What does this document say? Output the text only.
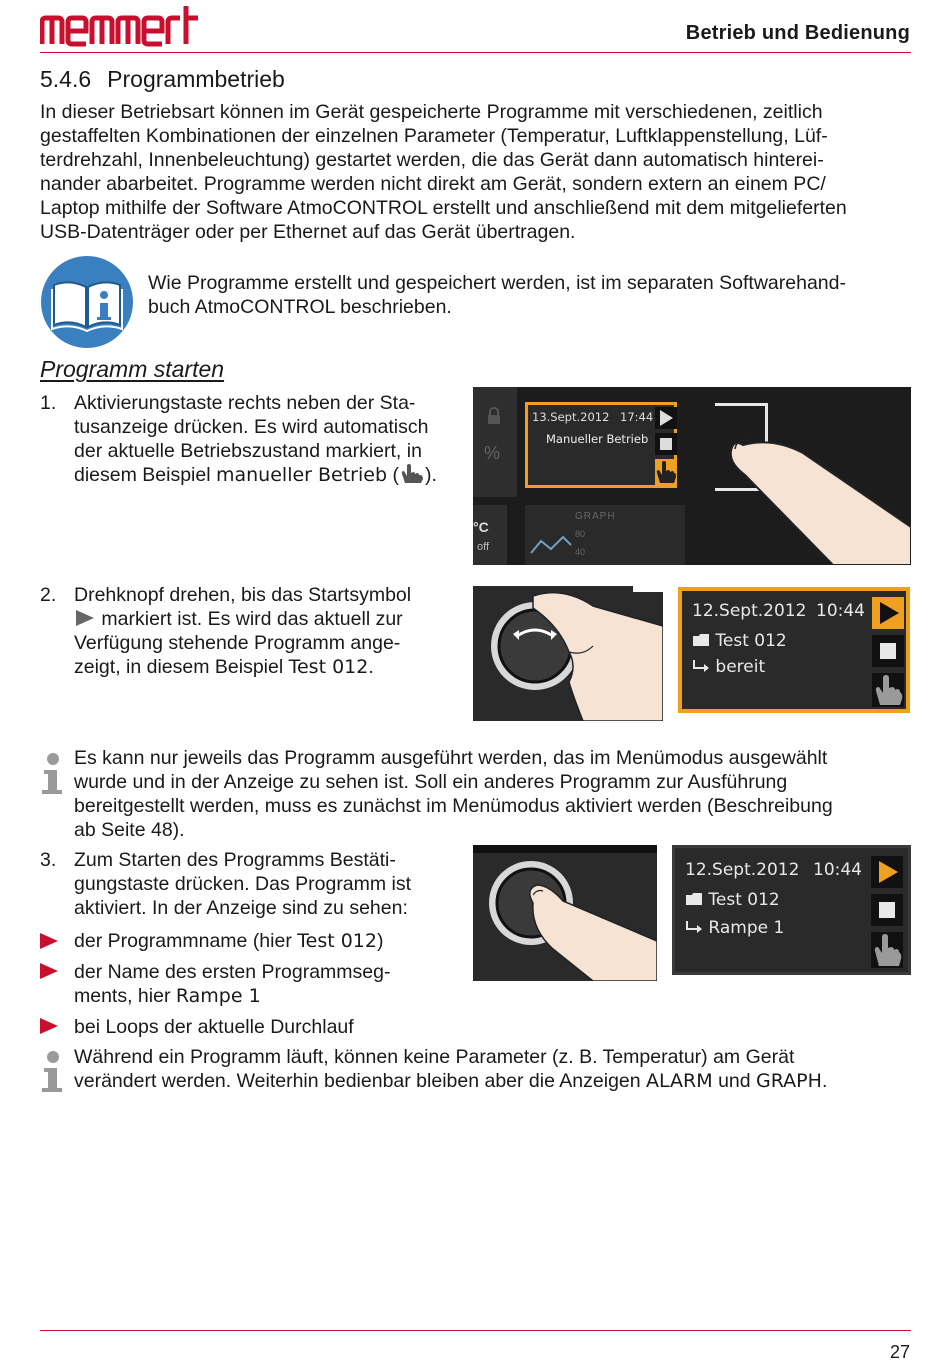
memmert
Betrieb und Bedienung
5.4.6 Programmbetrieb

In dieser Betriebsart können im Gerät gespeicherte Programme mit verschiedenen, zeitlich

gestaffelten Kombinationen der einzelnen Parameter (Temperatur, Luftklappenstellung, Lüf-

terdrehzahl, Innenbeleuchtung) gestartet werden, die das Gerät dann automatisch hinterei-

nander abarbeitet. Programme werden nicht direkt am Gerät, sondern extern an einem PC/

Laptop mithilfe der Software AtmoCONTROL erstellt und anschließend mit dem mitgelieferten

USB-Datenträger oder per Ethernet auf das Gerät übertragen.

Wie Programme erstellt und gespeichert werden, ist im separaten Softwarehand-

buch AtmoCONTROL beschrieben.

Programm starten
1. Aktivierungstaste rechts neben der Sta-
tusanzeige drücken. Es wird automatisch
der aktuelle Betriebszustand markiert, in
diesem Beispiel manueller Betrieb ( ).
%
13.Sept.2012 17:44
Manueller Betrieb
°C
off
GRAPH
80
40
2. Drehknopf drehen, bis das Startsymbol
markiert ist. Es wird das aktuell zur
Verfügung stehende Programm ange-
zeigt, in diesem Beispiel Test 012.
12.Sept.2012 10:44
Test 012
bereit

Es kann nur jeweils das Programm ausgeführt werden, das im Menümodus ausgewählt

wurde und in der Anzeige zu sehen ist. Soll ein anderes Programm zur Ausführung

bereitgestellt werden, muss es zunächst im Menümodus aktiviert werden (Beschreibung

ab Seite 48).

3. Zum Starten des Programms Bestäti-
gungstaste drücken. Das Programm ist
aktiviert. In der Anzeige sind zu sehen:
12.Sept.2012 10:44
Test 012
Rampe 1
der Programmname (hier Test 012)
der Name des ersten Programmseg-
ments, hier Rampe 1
bei Loops der aktuelle Durchlauf

Während ein Programm läuft, können keine Parameter (z. B. Temperatur) am Gerät

verändert werden. Weiterhin bedienbar bleiben aber die Anzeigen ALARM und GRAPH.

27
